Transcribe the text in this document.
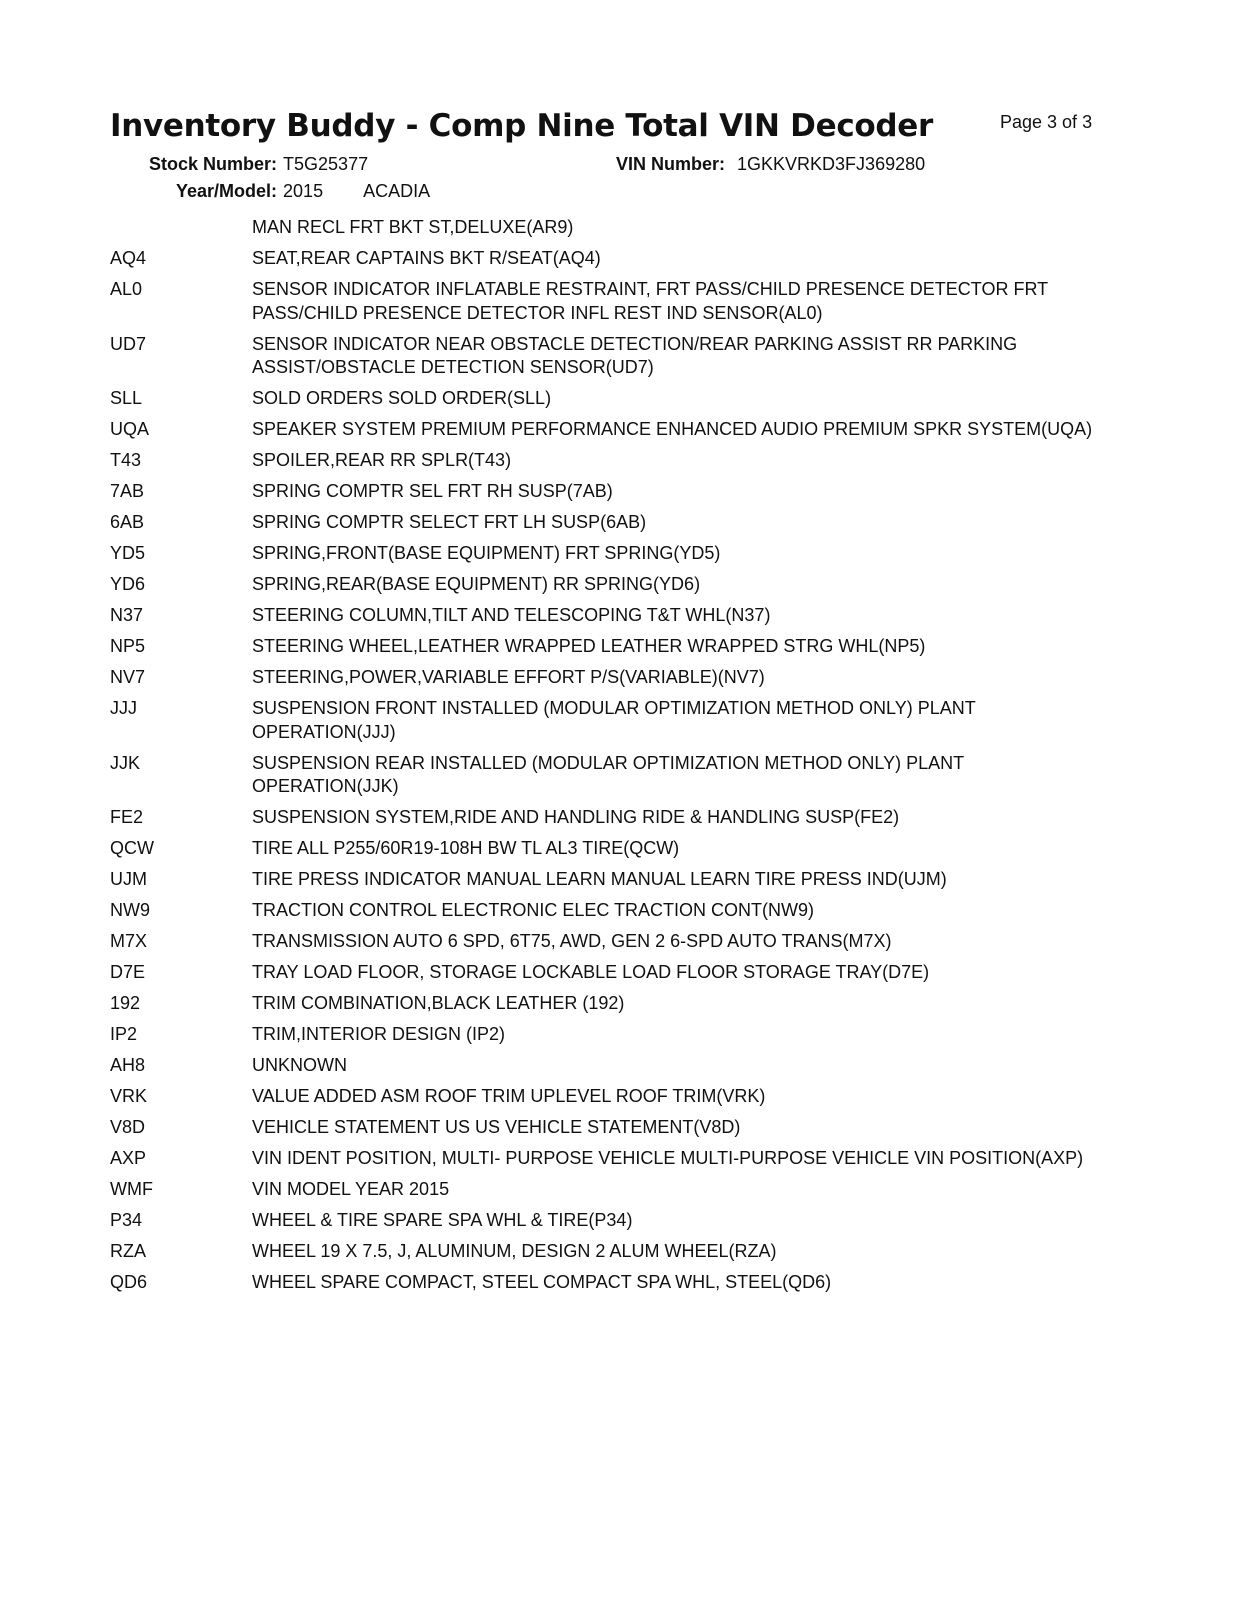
Inventory Buddy - Comp Nine Total VIN Decoder	Page 3 of 3
Stock Number: T5G25377	VIN Number: 1GKKVRKD3FJ369280
Year/Model: 2015 ACADIA
MAN RECL FRT BKT ST,DELUXE(AR9)
AQ4	SEAT,REAR CAPTAINS BKT R/SEAT(AQ4)
AL0	SENSOR INDICATOR INFLATABLE RESTRAINT, FRT PASS/CHILD PRESENCE DETECTOR FRT PASS/CHILD PRESENCE DETECTOR INFL REST IND SENSOR(AL0)
UD7	SENSOR INDICATOR NEAR OBSTACLE DETECTION/REAR PARKING ASSIST RR PARKING ASSIST/OBSTACLE DETECTION SENSOR(UD7)
SLL	SOLD ORDERS SOLD ORDER(SLL)
UQA	SPEAKER SYSTEM PREMIUM PERFORMANCE ENHANCED AUDIO PREMIUM SPKR SYSTEM(UQA)
T43	SPOILER,REAR RR SPLR(T43)
7AB	SPRING COMPTR SEL FRT RH SUSP(7AB)
6AB	SPRING COMPTR SELECT FRT LH SUSP(6AB)
YD5	SPRING,FRONT(BASE EQUIPMENT) FRT SPRING(YD5)
YD6	SPRING,REAR(BASE EQUIPMENT) RR SPRING(YD6)
N37	STEERING COLUMN,TILT AND TELESCOPING T&T WHL(N37)
NP5	STEERING WHEEL,LEATHER WRAPPED LEATHER WRAPPED STRG WHL(NP5)
NV7	STEERING,POWER,VARIABLE EFFORT P/S(VARIABLE)(NV7)
JJJ	SUSPENSION FRONT INSTALLED (MODULAR OPTIMIZATION METHOD ONLY) PLANT OPERATION(JJJ)
JJK	SUSPENSION REAR INSTALLED (MODULAR OPTIMIZATION METHOD ONLY) PLANT OPERATION(JJK)
FE2	SUSPENSION SYSTEM,RIDE AND HANDLING RIDE & HANDLING SUSP(FE2)
QCW	TIRE ALL P255/60R19-108H BW TL AL3 TIRE(QCW)
UJM	TIRE PRESS INDICATOR MANUAL LEARN MANUAL LEARN TIRE PRESS IND(UJM)
NW9	TRACTION CONTROL ELECTRONIC ELEC TRACTION CONT(NW9)
M7X	TRANSMISSION AUTO 6 SPD, 6T75, AWD, GEN 2 6-SPD AUTO TRANS(M7X)
D7E	TRAY LOAD FLOOR, STORAGE LOCKABLE LOAD FLOOR STORAGE TRAY(D7E)
192	TRIM COMBINATION,BLACK LEATHER (192)
IP2	TRIM,INTERIOR DESIGN (IP2)
AH8	UNKNOWN
VRK	VALUE ADDED ASM ROOF TRIM UPLEVEL ROOF TRIM(VRK)
V8D	VEHICLE STATEMENT US US VEHICLE STATEMENT(V8D)
AXP	VIN IDENT POSITION, MULTI- PURPOSE VEHICLE MULTI-PURPOSE VEHICLE VIN POSITION(AXP)
WMF	VIN MODEL YEAR 2015
P34	WHEEL & TIRE SPARE SPA WHL & TIRE(P34)
RZA	WHEEL 19 X 7.5, J, ALUMINUM, DESIGN 2 ALUM WHEEL(RZA)
QD6	WHEEL SPARE COMPACT, STEEL COMPACT SPA WHL, STEEL(QD6)
